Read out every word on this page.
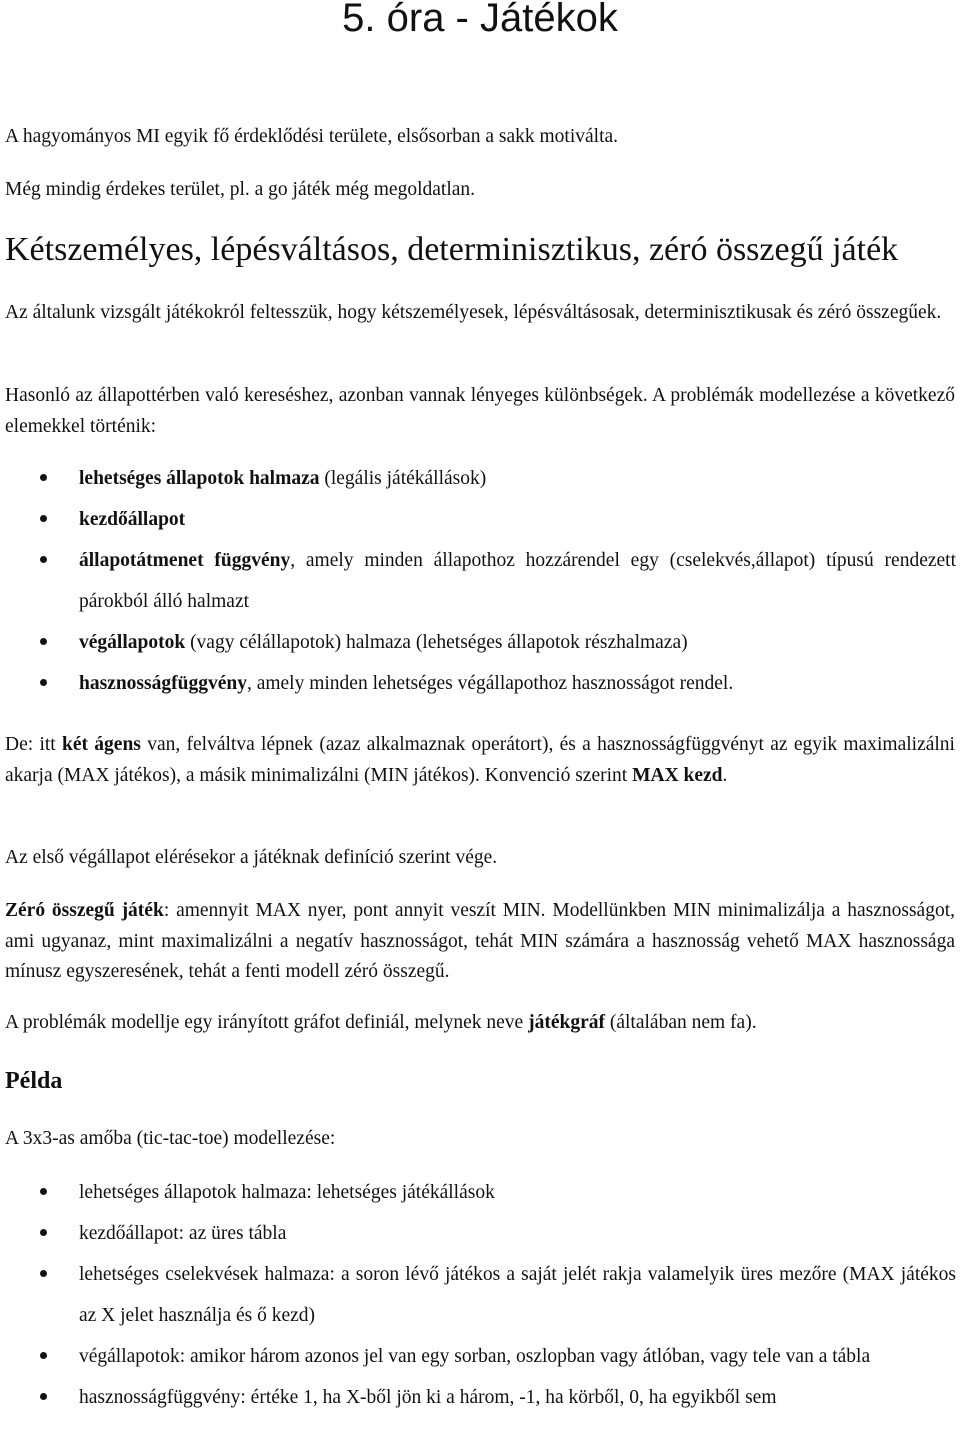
5. óra - Játékok

A hagyományos MI egyik fő érdeklődési területe, elsősorban a sakk motiválta.

Még mindig érdekes terület, pl. a go játék még megoldatlan.

Kétszemélyes, lépésváltásos, determinisztikus, zéró összegű játék

Az általunk vizsgált játékokról feltesszük, hogy kétszemélyesek, lépésváltásosak, determinisztikusak és zéró összegűek.

Hasonló az állapottérben való kereséshez, azonban vannak lényeges különbségek. A problémák modellezése a következő elemekkel történik:

lehetséges állapotok halmaza (legális játékállások)
kezdőállapot
állapotátmenet függvény, amely minden állapothoz hozzárendel egy (cselekvés,állapot) típusú rendezett párokból álló halmazt
végállapotok (vagy célállapotok) halmaza (lehetséges állapotok részhalmaza)
hasznosságfüggvény, amely minden lehetséges végállapothoz hasznosságot rendel.

De: itt két ágens van, felváltva lépnek (azaz alkalmaznak operátort), és a hasznosságfüggvényt az egyik maximalizálni akarja (MAX játékos), a másik minimalizálni (MIN játékos). Konvenció szerint MAX kezd.

Az első végállapot elérésekor a játéknak definíció szerint vége.

Zéró összegű játék: amennyit MAX nyer, pont annyit veszít MIN. Modellünkben MIN minimalizálja a hasznosságot, ami ugyanaz, mint maximalizálni a negatív hasznosságot, tehát MIN számára a hasznosság vehető MAX hasznossága mínusz egyszeresének, tehát a fenti modell zéró összegű.

A problémák modellje egy irányított gráfot definiál, melynek neve játékgráf (általában nem fa).

Példa

A 3x3-as amőba (tic-tac-toe) modellezése:

lehetséges állapotok halmaza: lehetséges játékállások
kezdőállapot: az üres tábla
lehetséges cselekvések halmaza: a soron lévő játékos a saját jelét rakja valamelyik üres mezőre (MAX játékos az X jelet használja és ő kezd)
végállapotok: amikor három azonos jel van egy sorban, oszlopban vagy átlóban, vagy tele van a tábla
hasznosságfüggvény: értéke 1, ha X-ből jön ki a három, -1, ha körből, 0, ha egyikből sem
